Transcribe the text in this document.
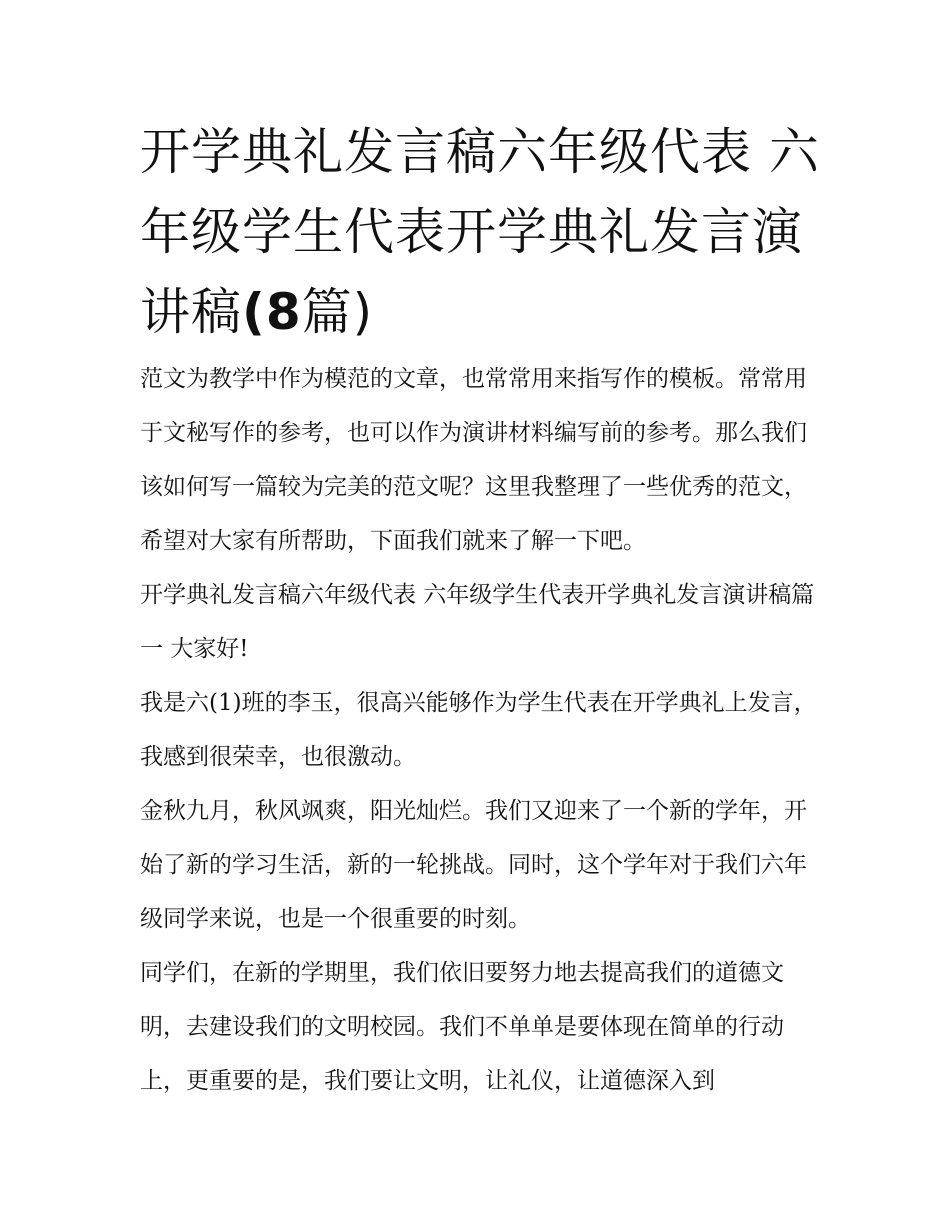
开学典礼发言稿六年级代表 六年级学生代表开学典礼发言演讲稿(8篇)

范文为教学中作为模范的文章，也常常用来指写作的模板。常常用于文秘写作的参考，也可以作为演讲材料编写前的参考。那么我们该如何写一篇较为完美的范文呢？这里我整理了一些优秀的范文，希望对大家有所帮助，下面我们就来了解一下吧。

开学典礼发言稿六年级代表 六年级学生代表开学典礼发言演讲稿篇一 大家好!

我是六(1)班的李玉，很高兴能够作为学生代表在开学典礼上发言，我感到很荣幸，也很激动。

金秋九月，秋风飒爽，阳光灿烂。我们又迎来了一个新的学年，开始了新的学习生活，新的一轮挑战。同时，这个学年对于我们六年级同学来说，也是一个很重要的时刻。

同学们，在新的学期里，我们依旧要努力地去提高我们的道德文明，去建设我们的文明校园。我们不单单是要体现在简单的行动上，更重要的是，我们要让文明，让礼仪，让道德深入到
